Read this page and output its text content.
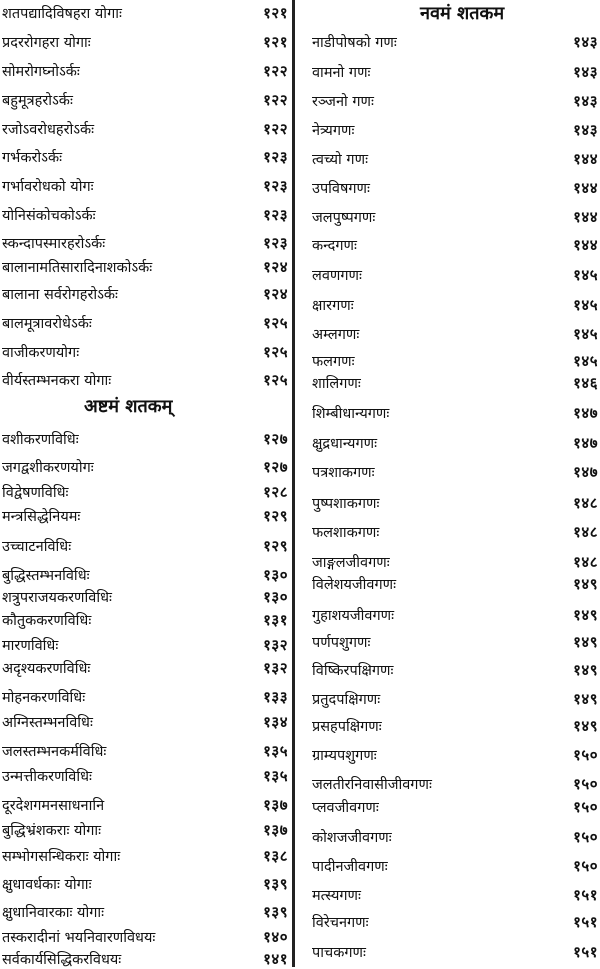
शतपद्यादिविषहरा योगाः	१२१
प्रदररोगहरा योगाः	१२१
सोमरोगघ्नोऽर्कः	१२२
बहुमूत्रहरोऽर्कः	१२२
रजोऽवरोधहरोऽर्कः	१२२
गर्भकरोऽर्कः	१२३
गर्भावरोधको योगः	१२३
योनिसंकोचकोऽर्कः	१२३
स्कन्दापस्मारहरोऽर्कः	१२३
बालानामतिसारादिनाशकोऽर्कः	१२४
बालाना सर्वरोगहरोऽर्कः	१२४
बालमूत्रावरोधेऽर्कः	१२५
वाजीकरणयोगः	१२५
वीर्यस्तम्भनकरा योगाः	१२५
अष्टमं शतकम्
वशीकरणविधिः	१२७
जगद्वशीकरणयोगः	१२७
विद्वेषणविधिः	१२८
मन्त्रसिद्धेनियमः	१२९
उच्चाटनविधिः	१२९
बुद्धिस्तम्भनविधिः	१३०
शत्रुपराजयकरणविधिः	१३०
कौतुककरणविधिः	१३१
मारणविधिः	१३२
अदृश्यकरणविधिः	१३२
मोहनकरणविधिः	१३३
अग्निस्तम्भनविधिः	१३४
जलस्तम्भनकर्मविधिः	१३५
उन्मत्तीकरणविधिः	१३५
दूरदेशगमनसाधनानि	१३७
बुद्धिभ्रंशकराः योगाः	१३७
सम्भोगसन्धिकराः योगाः	१३८
क्षुधावर्धकाः योगाः	१३९
क्षुधानिवारकाः योगाः	१३९
तस्करादीनां भयनिवारणविधयः	१४०
सर्वकार्यसिद्धिकरविधयः	१४१
नवमं शतकम
नाडीपोषको गणः	१४३
वामनो गणः	१४३
रञ्जनो गणः	१४३
नेत्र्यगणः	१४३
त्वच्यो गणः	१४४
उपविषगणः	१४४
जलपुष्पगणः	१४४
कन्दगणः	१४४
लवणगणः	१४५
क्षारगणः	१४५
अम्लगणः	१४५
फलगणः	१४५
शालिगणः	१४६
शिम्बीधान्यगणः	१४७
क्षुद्रधान्यगणः	१४७
पत्रशाकगणः	१४७
पुष्पशाकगणः	१४८
फलशाकगणः	१४८
जाङ्गलजीवगणः	१४८
विलेशयजीवगणः	१४९
गुहाशयजीवगणः	१४९
पर्णपशुगणः	१४९
विष्किरपक्षिगणः	१४९
प्रतुदपक्षिगणः	१४९
प्रसहपक्षिगणः	१४९
ग्राम्यपशुगणः	१५०
जलतीरनिवासीजीवगणः	१५०
प्लवजीवगणः	१५०
कोशजजीवगणः	१५०
पादीनजीवगणः	१५०
मत्स्यगणः	१५१
विरेचनगणः	१५१
पाचकगणः	१५१
